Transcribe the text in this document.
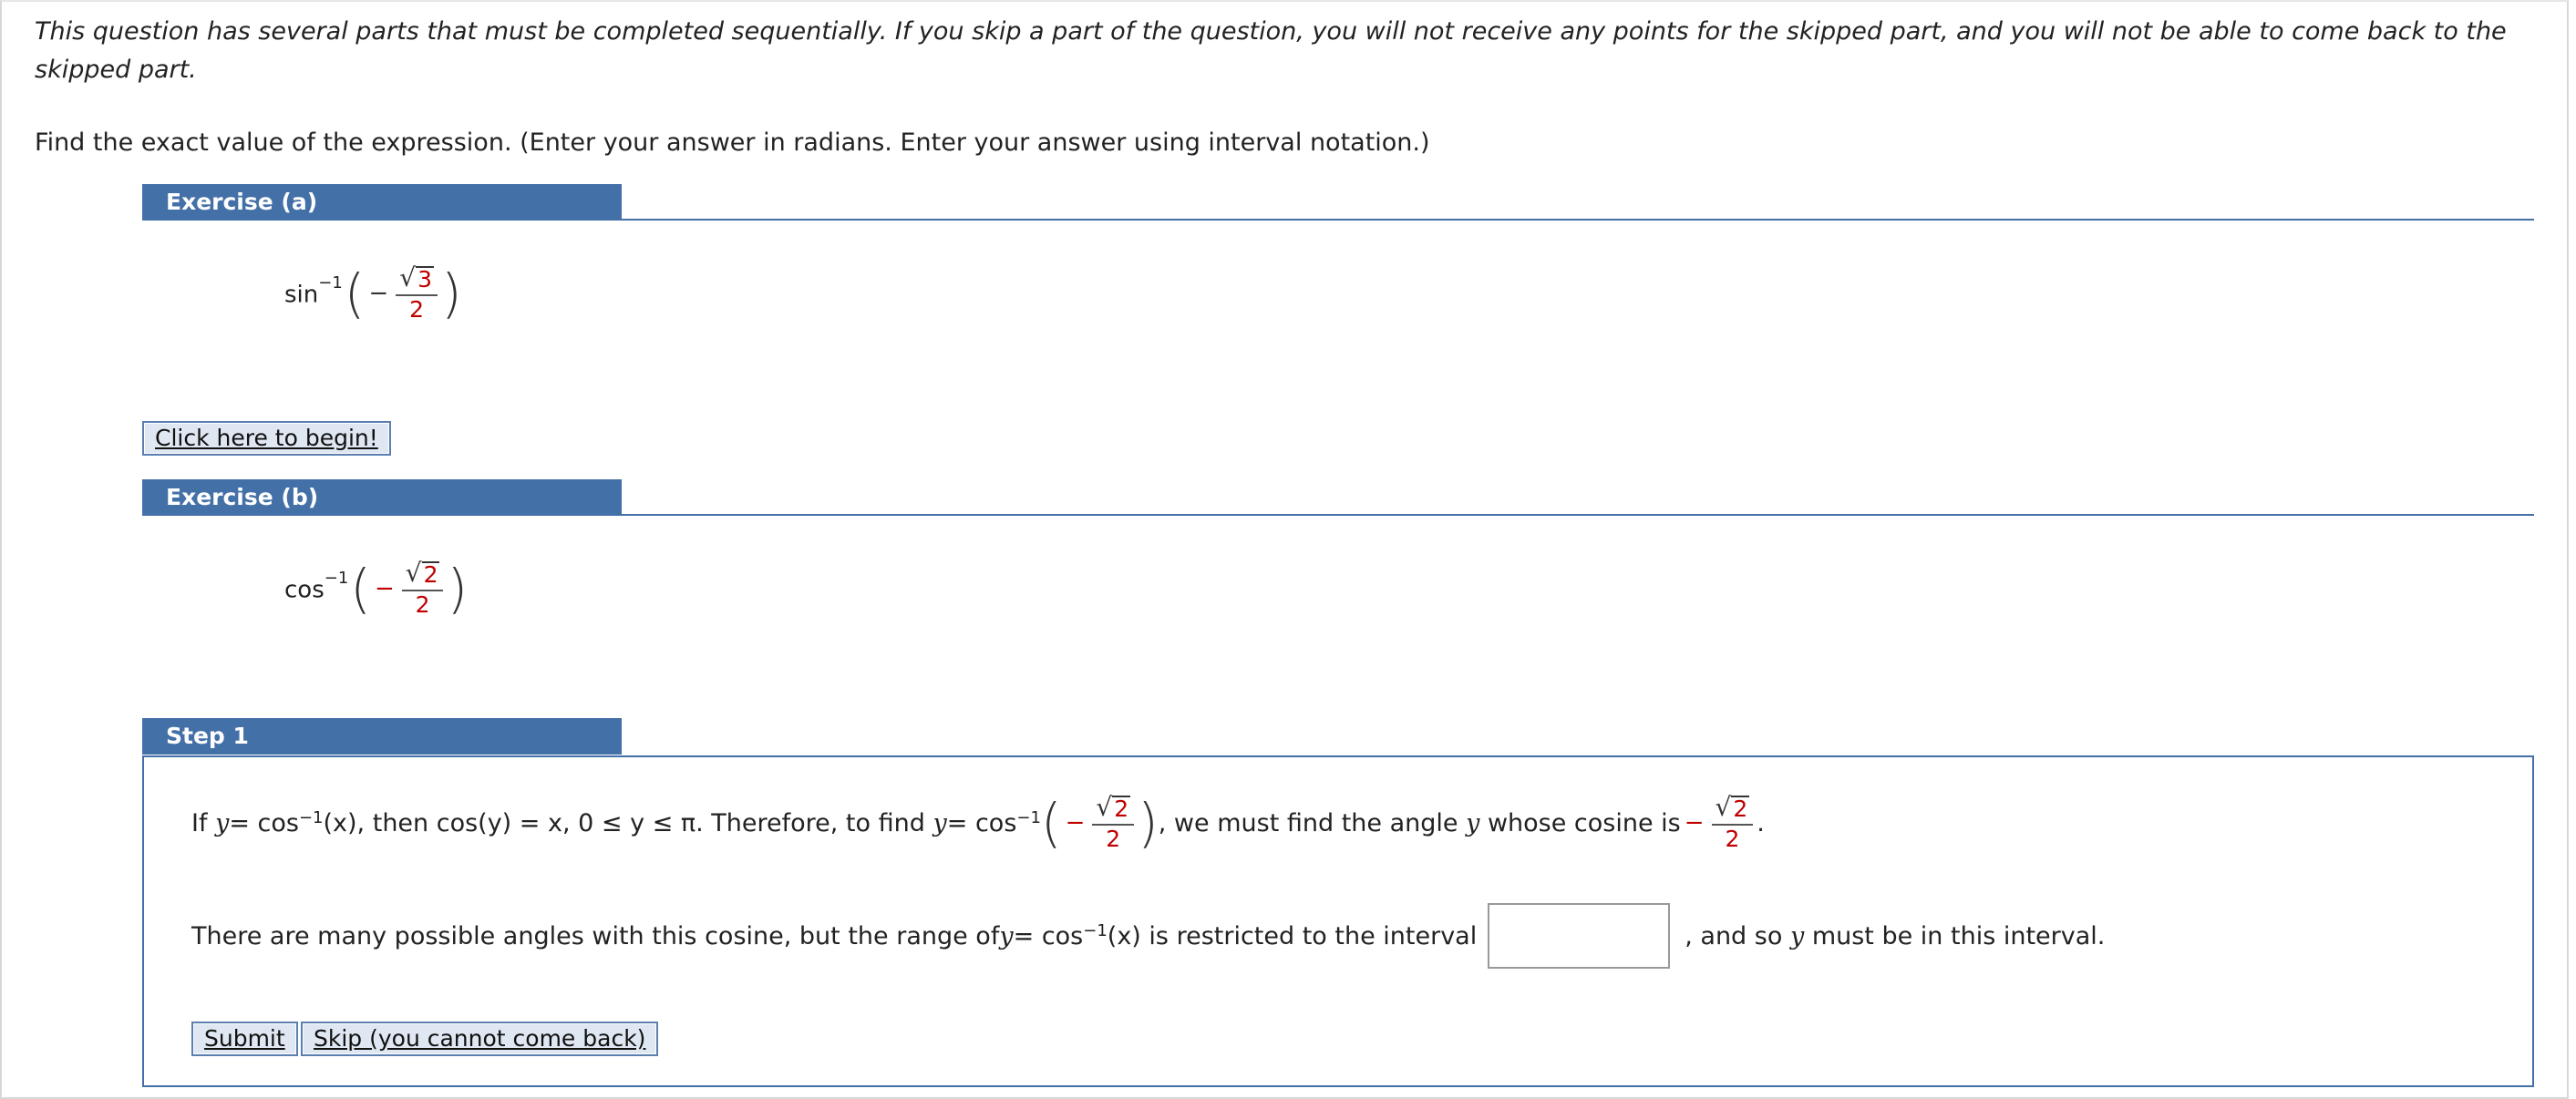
This question has several parts that must be completed sequentially. If you skip a part of the question, you will not receive any points for the skipped part, and you will not be able to come back to the skipped part.
Find the exact value of the expression. (Enter your answer in radians. Enter your answer using interval notation.)
Exercise (a)
$\sin^{-1}$ ( − $\frac{√ 3}{2}$ )
Click here to begin!
Exercise (b)
$\cos^{-1}$ ( − $\frac{√ 2}{2}$ )
Step 1
If
$y = \cos^{-1} (x)$, then cos(y) = x, 0 ≤ y ≤ π. Therefore, to find
$y = \cos^{-1}$ ( − $\frac{√ 2}{2}$ ) , we must find the angle
y
whose cosine is − $\frac{√ 2}{2}$ .
There are many possible angles with this cosine, but the range of $y = \cos^{-1} (x)$ is restricted to the interval	, and so
y
must be in this interval.
Submit	Skip (you cannot come back)
